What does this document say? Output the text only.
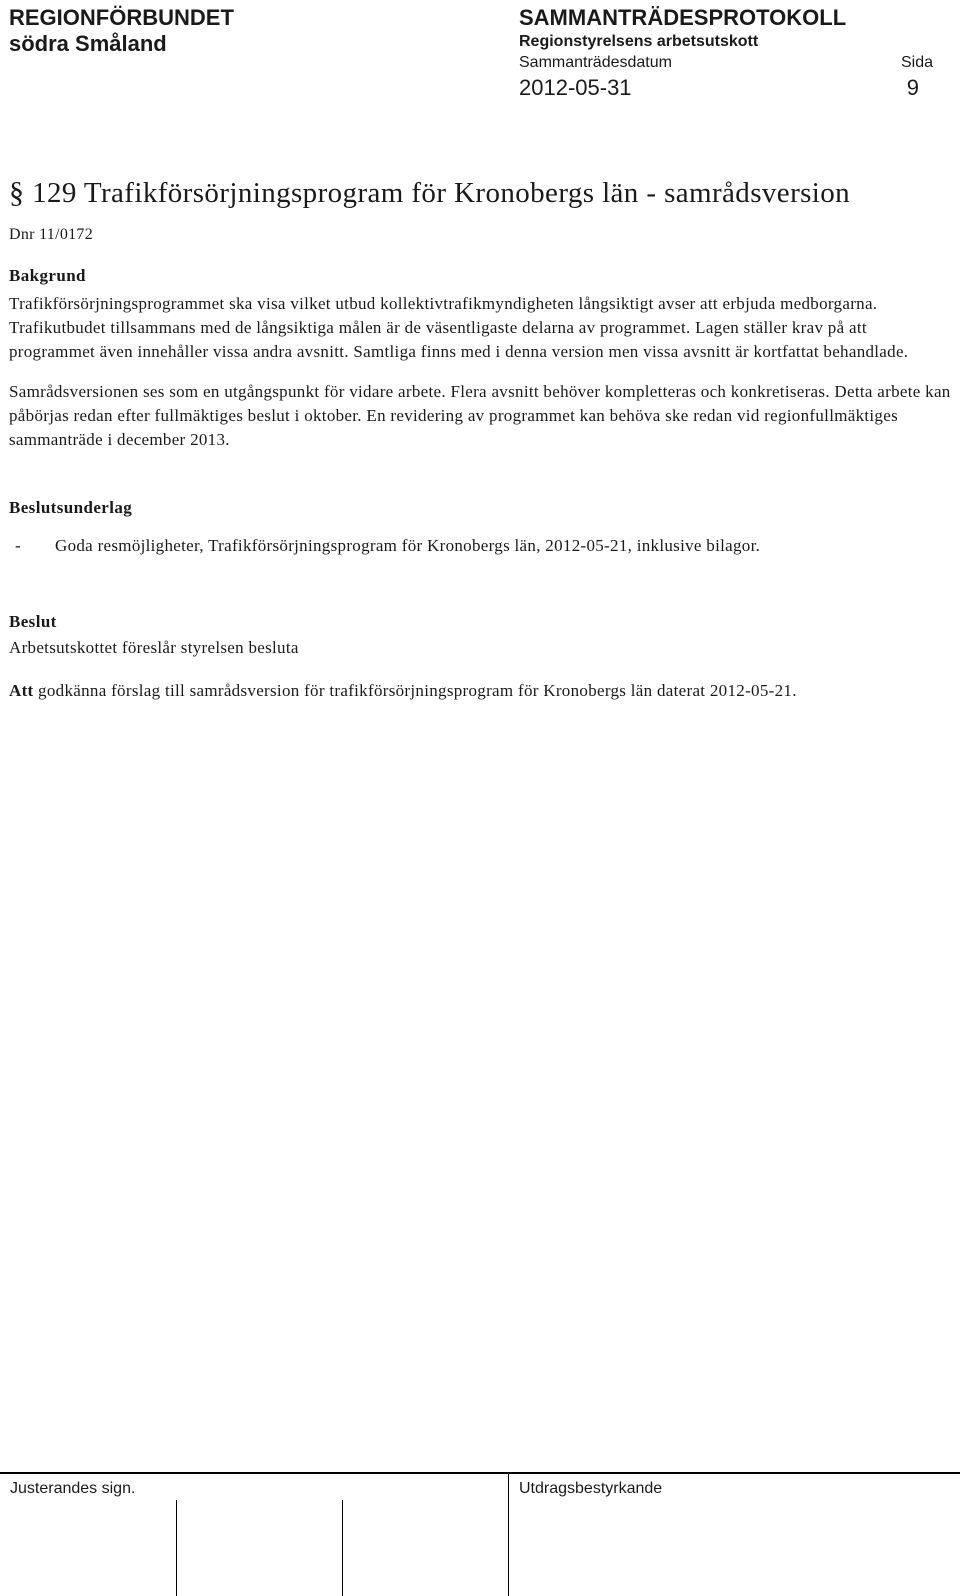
REGIONFÖRBUNDET
södra Småland
SAMMANTRÄDESPROTOKOLL
Regionstyrelsens arbetsutskott
Sammanträdesdatum	Sida
2012-05-31	9
§ 129 Trafikförsörjningsprogram för Kronobergs län - samrådsversion
Dnr 11/0172
Bakgrund

Trafikförsörjningsprogrammet ska visa vilket utbud kollektivtrafikmyndigheten långsiktigt avser att erbjuda medborgarna. Trafikutbudet tillsammans med de långsiktiga målen är de väsentligaste delarna av programmet. Lagen ställer krav på att programmet även innehåller vissa andra avsnitt. Samtliga finns med i denna version men vissa avsnitt är kortfattat behandlade.

Samrådsversionen ses som en utgångspunkt för vidare arbete. Flera avsnitt behöver kompletteras och konkretiseras. Detta arbete kan påbörjas redan efter fullmäktiges beslut i oktober. En revidering av programmet kan behöva ske redan vid regionfullmäktiges sammanträde i december 2013.

Beslutsunderlag
-	Goda resmöjligheter, Trafikförsörjningsprogram för Kronobergs län, 2012-05-21, inklusive bilagor.
Beslut

Arbetsutskottet föreslår styrelsen besluta

Att godkänna förslag till samrådsversion för trafikförsörjningsprogram för Kronobergs län daterat 2012-05-21.
Justerandes sign.	Utdragsbestyrkande
